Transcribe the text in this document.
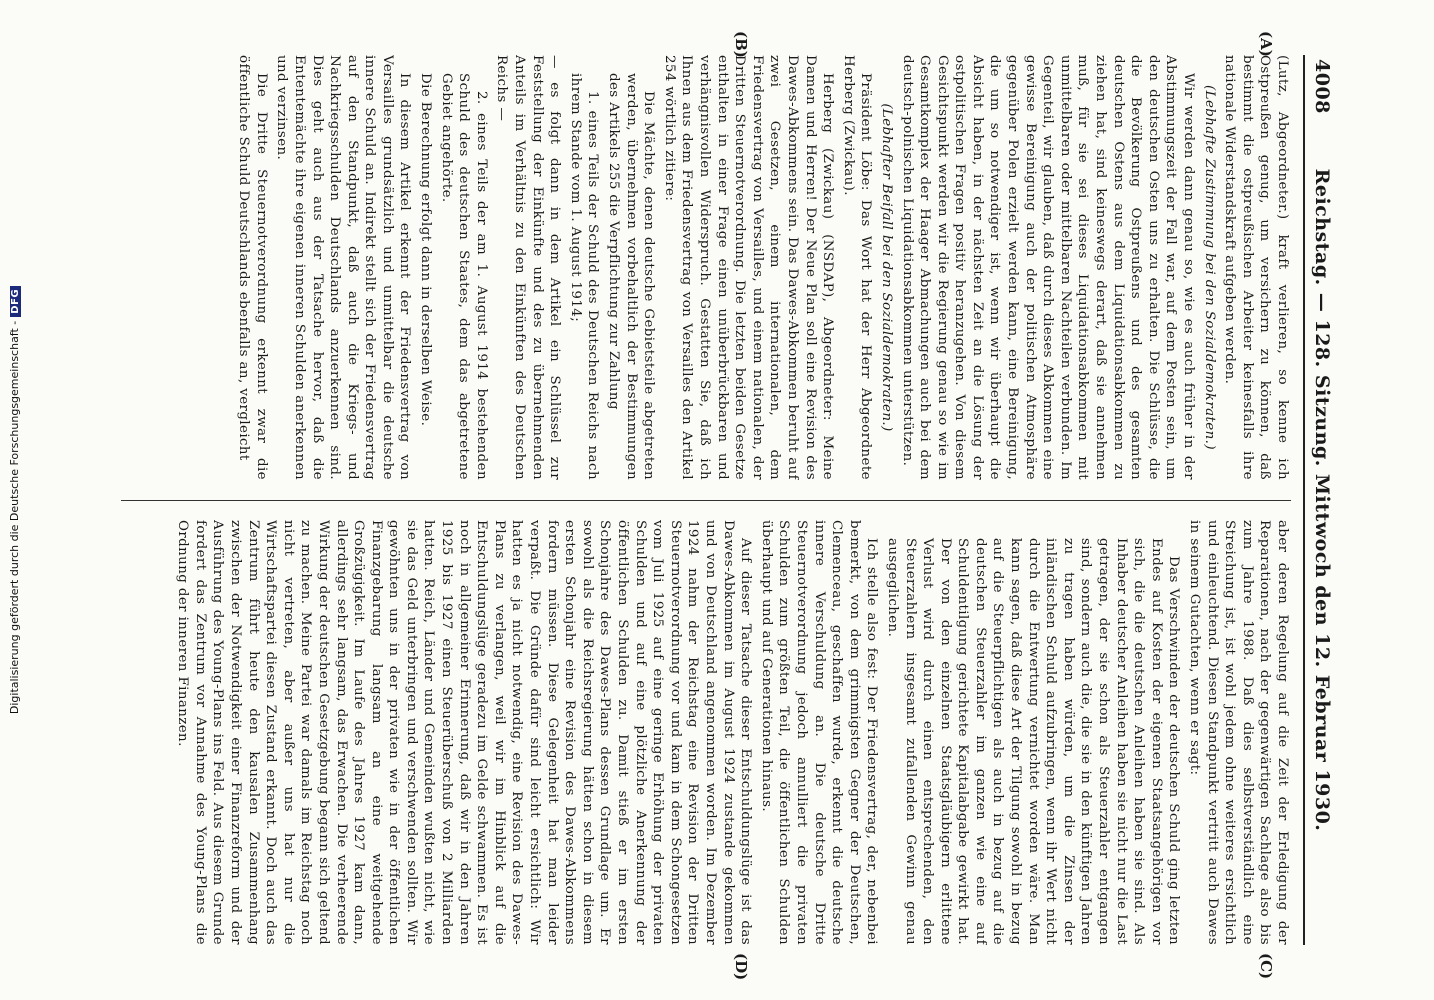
4008
Reichstag. — 128. Sitzung. Mittwoch den 12. Februar 1930.
(A)
(B)
(C)
(D)

(Lutz, Abgeordneter.) kraft verlieren, so kenne ich Ostpreußen genug, um versichern zu können, daß bestimmt die ostpreußischen Arbeiter keinesfalls ihre nationale Widerstandskraft aufgeben werden.

(Lebhafte Zustimmung bei den Sozialdemokraten.)

Wir werden dann genau so, wie es auch früher in der Abstimmungszeit der Fall war, auf dem Posten sein, um den deutschen Osten uns zu erhalten. Die Schlüsse, die die Bevölkerung Ostpreußens und des gesamten deutschen Ostens aus dem Liquidationsabkommen zu ziehen hat, sind keineswegs derart, daß sie annehmen muß, für sie sei dieses Liquidationsabkommen mit unmittelbaren oder mittelbaren Nachteilen verbunden. Im Gegenteil, wir glauben, daß durch dieses Abkommen eine gewisse Bereinigung auch der politischen Atmosphäre gegenüber Polen erzielt werden kann, eine Bereinigung, die um so notwendiger ist, wenn wir überhaupt die Absicht haben, in der nächsten Zeit an die Lösung der ostpolitischen Fragen positiv heranzugehen. Von diesem Gesichtspunkt werden wir die Regierung genau so wie im Gesamtkomplex der Haager Abmachungen auch bei dem deutsch-polnischen Liquidationsabkommen unterstützen.

(Lebhafter Beifall bei den Sozialdemokraten.)

Präsident Löbe: Das Wort hat der Herr Abgeordnete Herberg (Zwickau).

Herberg (Zwickau) (NSDAP), Abgeordneter: Meine Damen und Herren! Der Neue Plan soll eine Revision des Dawes-Abkommens sein. Das Dawes-Abkommen beruht auf zwei Gesetzen, einem internationalen, dem Friedensvertrag von Versailles, und einem nationalen, der Dritten Steuernotverordnung. Die letzten beiden Gesetze enthalten in einer Frage einen unüberbrückbaren und verhängnisvollen Widerspruch. Gestatten Sie, daß ich Ihnen aus dem Friedensvertrag von Versailles den Artikel 254 wörtlich zitiere:

Die Mächte, denen deutsche Gebietsteile abgetreten werden, übernehmen vorbehaltlich der Bestimmungen des Artikels 255 die Verpflichtung zur Zahlung

1. eines Teils der Schuld des Deutschen Reichs nach ihrem Stande vom 1. August 1914;

— es folgt dann in dem Artikel ein Schlüssel zur Feststellung der Einkünfte und des zu übernehmenden Anteils im Verhältnis zu den Einkünften des Deutschen Reichs —

2. eines Teils der am 1. August 1914 bestehenden Schuld des deutschen Staates, dem das abgetretene Gebiet angehörte.

Die Berechnung erfolgt dann in derselben Weise.

In diesem Artikel erkennt der Friedensvertrag von Versailles grundsätzlich und unmittelbar die deutsche innere Schuld an. Indirekt stellt sich der Friedensvertrag auf den Standpunkt, daß auch die Kriegs- und Nachkriegsschulden Deutschlands anzuerkennen sind. Dies geht auch aus der Tatsache hervor, daß die Ententemächte ihre eigenen inneren Schulden anerkennen und verzinsen.

Die Dritte Steuernotverordnung erkennt zwar die öffentliche Schuld Deutschlands ebenfalls an, vergleicht

aber deren Regelung auf die Zeit der Erledigung der Reparationen, nach der gegenwärtigen Sachlage also bis zum Jahre 1988. Daß dies selbstverständlich eine Streichung ist, ist wohl jedem ohne weiteres ersichtlich und einleuchtend. Diesen Standpunkt vertritt auch Dawes in seinem Gutachten, wenn er sagt:

Das Verschwinden der deutschen Schuld ging letzten Endes auf Kosten der eigenen Staatsangehörigen vor sich, die die deutschen Anleihen haben sie sind. Als Inhaber deutscher Anleihen haben sie nicht nur die Last getragen, der sie schon als Steuerzahler entgangen sind, sondern auch die, die sie in den künftigen Jahren zu tragen haben würden, um die Zinsen der inländischen Schuld aufzubringen, wenn ihr Wert nicht durch die Entwertung vernichtet worden wäre. Man kann sagen, daß diese Art der Tilgung sowohl in bezug auf die Steuerpflichtigen als auch in bezug auf die deutschen Steuerzahler im ganzen wie eine auf Schuldentilgung gerichtete Kapitalabgabe gewirkt hat. Der von den einzelnen Staatsgläubigern erlittene Verlust wird durch einen entsprechenden, den Steuerzahlern insgesamt zufallenden Gewinn genau ausgeglichen.

Ich stelle also fest: Der Friedensvertrag, der, nebenbei bemerkt, von dem grimmigsten Gegner der Deutschen, Clemenceau, geschaffen wurde, erkennt die deutsche innere Verschuldung an. Die deutsche Dritte Steuernotverordnung jedoch annulliert die privaten Schulden zum größten Teil, die öffentlichen Schulden überhaupt und auf Generationen hinaus.

Auf dieser Tatsache dieser Entschuldungslüge ist das Dawes-Abkommen im August 1924 zustande gekommen und von Deutschland angenommen worden. Im Dezember 1924 nahm der Reichstag eine Revision der Dritten Steuernotverordnung vor und kam in dem Schongesetzen vom Juli 1925 auf eine geringe Erhöhung der privaten Schulden und auf eine plötzliche Anerkennung der öffentlichen Schulden zu. Damit stieß er im ersten Schonjahre des Dawes-Plans dessen Grundlage um. Er sowohl als die Reichsregierung hätten schon in diesem ersten Schonjahr eine Revision des Dawes-Abkommens fordern müssen. Diese Gelegenheit hat man leider verpaßt. Die Gründe dafür sind leicht ersichtlich: Wir hatten es ja nicht notwendig, eine Revision des Dawes-Plans zu verlangen, weil wir im Hinblick auf die Entschuldungslüge geradezu im Gelde schwammen. Es ist noch in allgemeiner Erinnerung, daß wir in den Jahren 1925 bis 1927 einen Steuerüberschuß von 2 Milliarden hatten. Reich, Länder und Gemeinden wußten nicht, wie sie das Geld unterbringen und verschwenden sollten. Wir gewöhnten uns in der privaten wie in der öffentlichen Finanzgebarung langsam an eine weitgehende Großzügigkeit. Im Laufe des Jahres 1927 kam dann, allerdings sehr langsam, das Erwachen. Die verheerende Wirkung der deutschen Gesetzgebung begann sich geltend zu machen. Meine Partei war damals im Reichstag noch nicht vertreten, aber außer uns hat nur die Wirtschaftspartei diesen Zustand erkannt. Doch auch das Zentrum führt heute den kausalen Zusammenhang zwischen der Notwendigkeit einer Finanzreform und der Ausführung des Young-Plans ins Feld. Aus diesem Grunde fordert das Zentrum vor Annahme des Young-Plans die Ordnung der inneren Finanzen.

Digitalisierung gefördert durch die Deutsche Forschungsgemeinschaft -DFG
